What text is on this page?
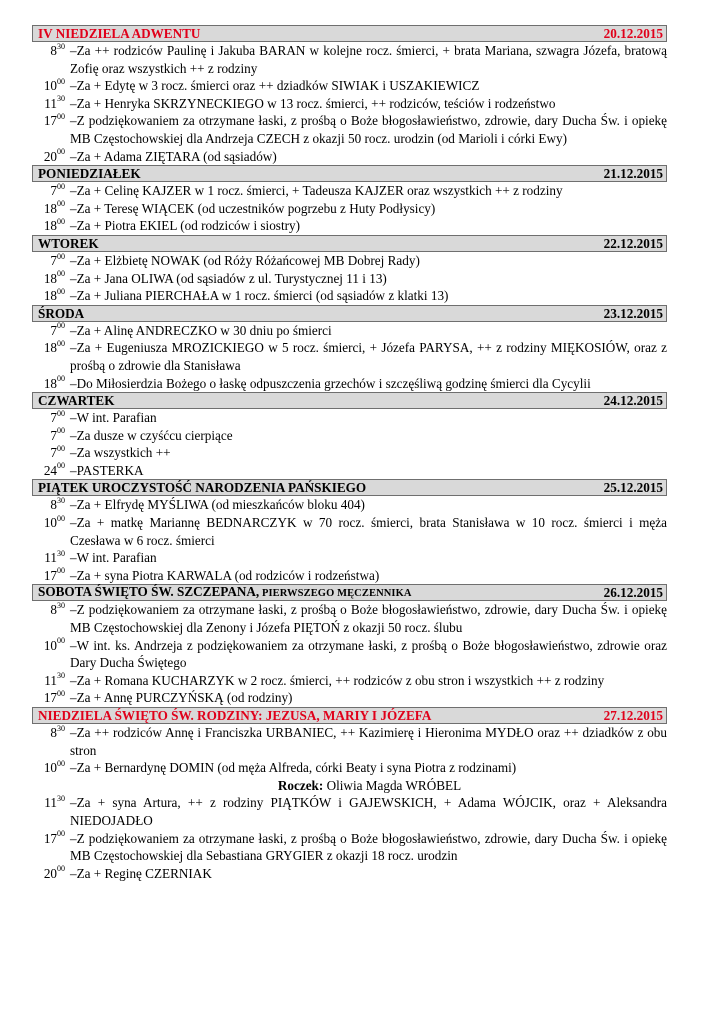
IV NIEDZIELA ADWENTU	20.12.2015
$8^{30}$ –Za ++ rodziców Paulinę i Jakuba BARAN w kolejne rocz. śmierci, + brata Mariana, szwagra Józefa, bratową Zofię oraz wszystkich ++ z rodziny
$10^{00}$ –Za + Edytę w 3 rocz. śmierci oraz ++ dziadków SIWIAK i USZAKIEWICZ
$11^{30}$ –Za + Henryka SKRZYNECKIEGO w 13 rocz. śmierci, ++ rodziców, teściów i rodzeństwo
$17^{00}$ –Z podziękowaniem za otrzymane łaski, z prośbą o Boże błogosławieństwo, zdrowie, dary Ducha Św. i opiekę MB Częstochowskiej dla Andrzeja CZECH z okazji 50 rocz. urodzin (od Marioli i córki Ewy)
$20^{00}$ –Za + Adama ZIĘTARA (od sąsiadów)
PONIEDZIAŁEK	21.12.2015
$7^{00}$ –Za + Celinę KAJZER w 1 rocz. śmierci, + Tadeusza KAJZER oraz wszystkich ++ z rodziny
$18^{00}$ –Za + Teresę WIĄCEK (od uczestników pogrzebu z Huty Podłysicy)
$18^{00}$ –Za + Piotra EKIEL (od rodziców i siostry)
WTOREK	22.12.2015
$7^{00}$ –Za + Elżbietę NOWAK (od Róży Różańcowej MB Dobrej Rady)
$18^{00}$ –Za + Jana OLIWA (od sąsiadów z ul. Turystycznej 11 i 13)
$18^{00}$ –Za + Juliana PIERCHAŁA w 1 rocz. śmierci (od sąsiadów z klatki 13)
ŚRODA	23.12.2015
$7^{00}$ –Za + Alinę ANDRECZKO w 30 dniu po śmierci
$18^{00}$ –Za + Eugeniusza MROZICKIEGO w 5 rocz. śmierci, + Józefa PARYSA, ++ z rodziny MIĘKOSIÓW, oraz z prośbą o zdrowie dla Stanisława
$18^{00}$ –Do Miłosierdzia Bożego o łaskę odpuszczenia grzechów i szczęśliwą godzinę śmierci dla Cycylii
CZWARTEK	24.12.2015
$7^{00}$ –W int. Parafian
$7^{00}$ –Za dusze w czyśćcu cierpiące
$7^{00}$ –Za wszystkich ++
$24^{00}$ –PASTERKA
PIĄTEK UROCZYSTOŚĆ NARODZENIA PAŃSKIEGO	25.12.2015
$8^{30}$ –Za + Elfrydę MYŚLIWA (od mieszkańców bloku 404)
$10^{00}$ –Za + matkę Mariannę BEDNARCZYK w 70 rocz. śmierci, brata Stanisława w 10 rocz. śmierci i męża Czesława w 6 rocz. śmierci
$11^{30}$ –W int. Parafian
$17^{00}$ –Za + syna Piotra KARWALA (od rodziców i rodzeństwa)
SOBOTA ŚWIĘTO ŚW. SZCZEPANA, PIERWSZEGO MĘCZENNIKA	26.12.2015
$8^{30}$ –Z podziękowaniem za otrzymane łaski, z prośbą o Boże błogosławieństwo, zdrowie, dary Ducha Św. i opiekę MB Częstochowskiej dla Zenony i Józefa PIĘTOŃ z okazji 50 rocz. ślubu
$10^{00}$ –W int. ks. Andrzeja z podziękowaniem za otrzymane łaski, z prośbą o Boże błogosławieństwo, zdrowie oraz Dary Ducha Świętego
$11^{30}$ –Za + Romana KUCHARZYK w 2 rocz. śmierci, ++ rodziców z obu stron i wszystkich ++ z rodziny
$17^{00}$ –Za + Annę PURCZYŃSKĄ (od rodziny)
NIEDZIELA ŚWIĘTO ŚW. RODZINY: JEZUSA, MARIY I JÓZEFA	27.12.2015
$8^{30}$ –Za ++ rodziców Annę i Franciszka URBANIEC, ++ Kazimierę i Hieronima MYDŁO oraz ++ dziadków z obu stron
$10^{00}$ –Za + Bernardynę DOMIN (od męża Alfreda, córki Beaty i syna Piotra z rodzinami)
Roczek: Oliwia Magda WRÓBEL
$11^{30}$ –Za + syna Artura, ++ z rodziny PIĄTKÓW i GAJEWSKICH, + Adama WÓJCIK, oraz + Aleksandra NIEDOJADŁO
$17^{00}$ –Z podziękowaniem za otrzymane łaski, z prośbą o Boże błogosławieństwo, zdrowie, dary Ducha Św. i opiekę MB Częstochowskiej dla Sebastiana GRYGIER z okazji 18 rocz. urodzin
$20^{00}$ –Za + Reginę CZERNIAK
